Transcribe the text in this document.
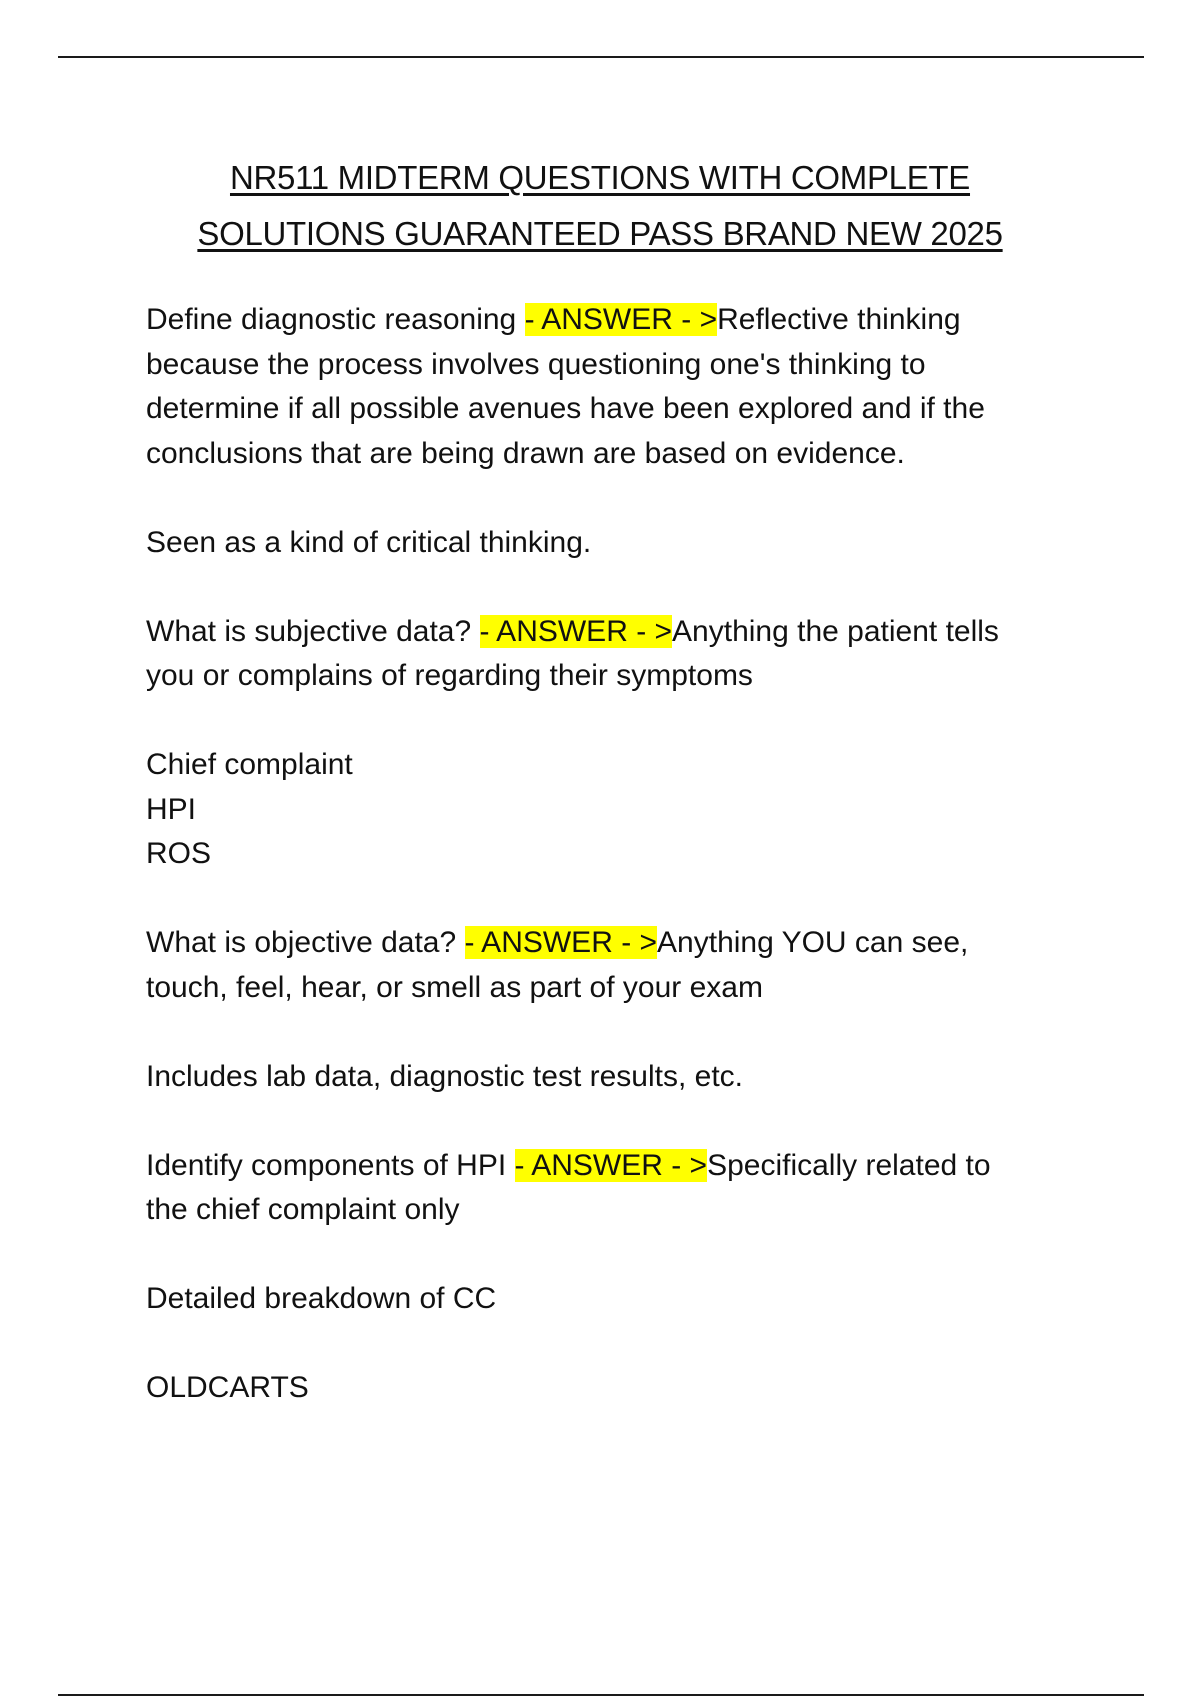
NR511 MIDTERM QUESTIONS WITH COMPLETE
SOLUTIONS GUARANTEED PASS BRAND NEW 2025
Define diagnostic reasoning - ANSWER - >Reflective thinking
because the process involves questioning one's thinking to
determine if all possible avenues have been explored and if the
conclusions that are being drawn are based on evidence.
Seen as a kind of critical thinking.
What is subjective data? - ANSWER - >Anything the patient tells
you or complains of regarding their symptoms
Chief complaint
HPI
ROS
What is objective data? - ANSWER - >Anything YOU can see,
touch, feel, hear, or smell as part of your exam
Includes lab data, diagnostic test results, etc.
Identify components of HPI - ANSWER - >Specifically related to
the chief complaint only
Detailed breakdown of CC
OLDCARTS
